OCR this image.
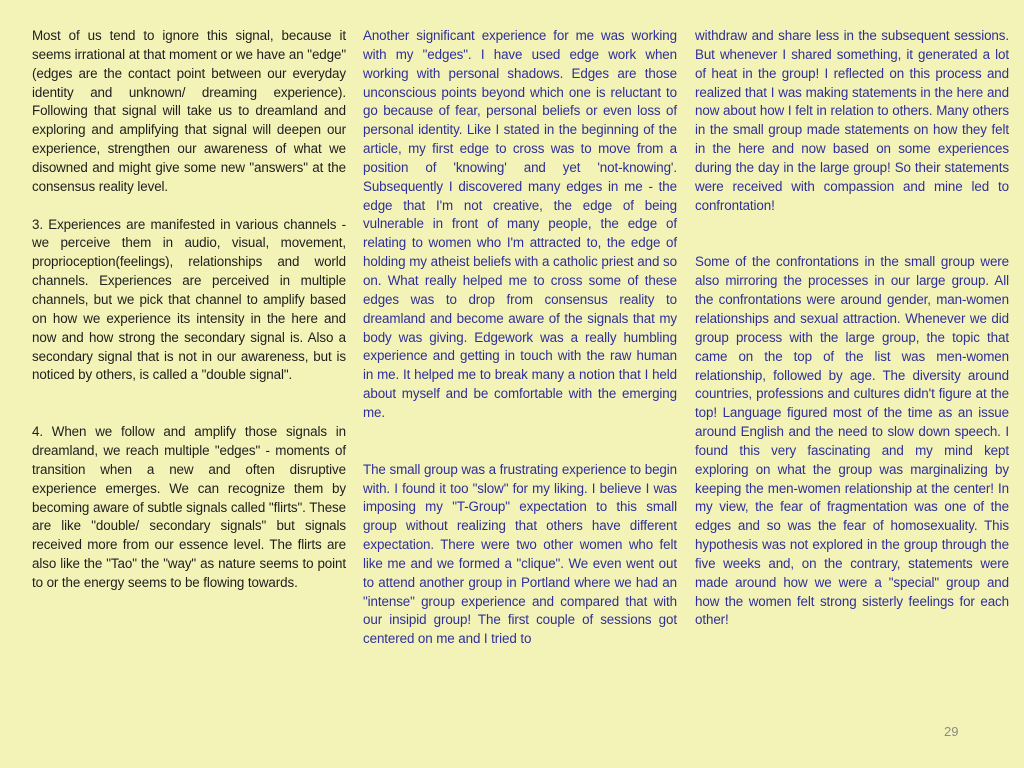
Most of us tend to ignore this signal, because it seems irrational at that moment or we have an "edge" (edges are the contact point between our everyday identity and unknown/ dreaming experience). Following that signal will take us to dreamland and exploring and amplifying that signal will deepen our experience, strengthen our awareness of what we disowned and might give some new "answers" at the consensus reality level.

3. Experiences are manifested in various channels - we perceive them in audio, visual, movement, proprioception(feelings), relationships and world channels. Experiences are perceived in multiple channels, but we pick that channel to amplify based on how we experience its intensity in the here and now and how strong the secondary signal is. Also a secondary signal that is not in our awareness, but is noticed by others, is called a "double signal".

4. When we follow and amplify those signals in dreamland, we reach multiple "edges" - moments of transition when a new and often disruptive experience emerges. We can recognize them by becoming aware of subtle signals called "flirts". These are like "double/ secondary signals" but signals received more from our essence level. The flirts are also like the "Tao" the "way" as nature seems to point to or the energy seems to be flowing towards.

Another significant experience for me was working with my "edges". I have used edge work when working with personal shadows. Edges are those unconscious points beyond which one is reluctant to go because of fear, personal beliefs or even loss of personal identity. Like I stated in the beginning of the article, my first edge to cross was to move from a position of 'knowing' and yet 'not-knowing'. Subsequently I discovered many edges in me - the edge that I'm not creative, the edge of being vulnerable in front of many people, the edge of relating to women who I'm attracted to, the edge of holding my atheist beliefs with a catholic priest and so on. What really helped me to cross some of these edges was to drop from consensus reality to dreamland and become aware of the signals that my body was giving. Edgework was a really humbling experience and getting in touch with the raw human in me. It helped me to break many a notion that I held about myself and be comfortable with the emerging me.

The small group was a frustrating experience to begin with. I found it too "slow" for my liking. I believe I was imposing my "T-Group" expectation to this small group without realizing that others have different expectation. There were two other women who felt like me and we formed a "clique". We even went out to attend another group in Portland where we had an "intense" group experience and compared that with our insipid group! The first couple of sessions got centered on me and I tried to

withdraw and share less in the subsequent sessions. But whenever I shared something, it generated a lot of heat in the group! I reflected on this process and realized that I was making statements in the here and now about how I felt in relation to others. Many others in the small group made statements on how they felt in the here and now based on some experiences during the day in the large group! So their statements were received with compassion and mine led to confrontation!

Some of the confrontations in the small group were also mirroring the processes in our large group. All the confrontations were around gender, man-women relationships and sexual attraction. Whenever we did group process with the large group, the topic that came on the top of the list was men-women relationship, followed by age. The diversity around countries, professions and cultures didn't figure at the top! Language figured most of the time as an issue around English and the need to slow down speech. I found this very fascinating and my mind kept exploring on what the group was marginalizing by keeping the men-women relationship at the center! In my view, the fear of fragmentation was one of the edges and so was the fear of homosexuality. This hypothesis was not explored in the group through the five weeks and, on the contrary, statements were made around how we were a "special" group and how the women felt strong sisterly feelings for each other!

29
